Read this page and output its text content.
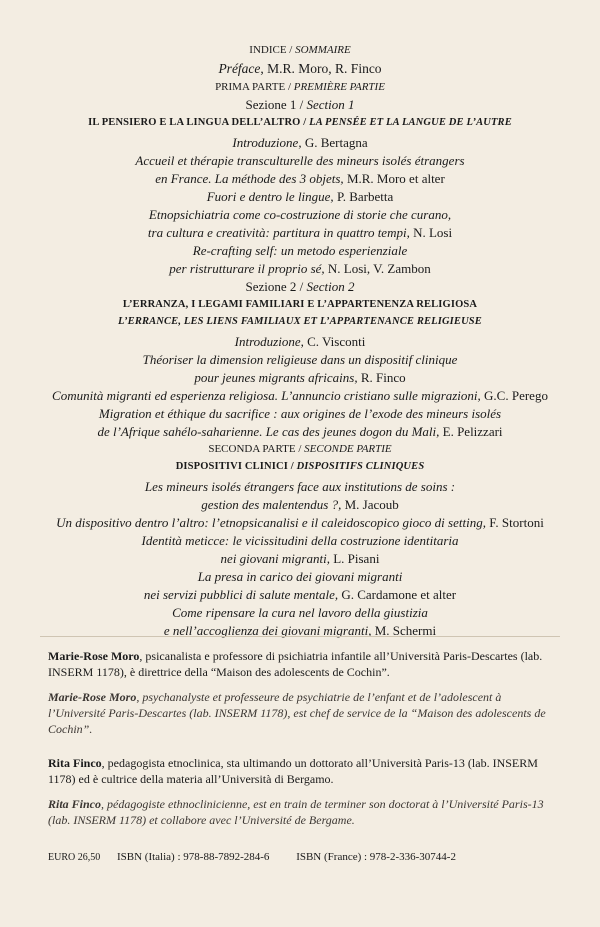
INDICE / SOMMAIRE
Préface, M.R. Moro, R. Finco
PRIMA PARTE / PREMIÈRE PARTIE
Sezione 1 / Section 1
IL PENSIERO E LA LINGUA DELL’ALTRO / LA PENSÉE ET LA LANGUE DE L’AUTRE
Introduzione, G. Bertagna
Accueil et thérapie transculturelle des mineurs isolés étrangers
en France. La méthode des 3 objets, M.R. Moro et alter
Fuori e dentro le lingue, P. Barbetta
Etnopsichiatria come co-costruzione di storie che curano,
tra cultura e creatività: partitura in quattro tempi, N. Losi
Re-crafting self: un metodo esperienziale
per ristrutturare il proprio sé, N. Losi, V. Zambon
Sezione 2 / Section 2
L’ERRANZA, I LEGAMI FAMILIARI E L’APPARTENENZA RELIGIOSA
L’ERRANCE, LES LIENS FAMILIAUX ET L’APPARTENANCE RELIGIEUSE
Introduzione, C. Visconti
Théoriser la dimension religieuse dans un dispositif clinique
pour jeunes migrants africains, R. Finco
Comunità migranti ed esperienza religiosa. L’annuncio cristiano sulle migrazioni, G.C. Perego
Migration et éthique du sacrifice : aux origines de l’exode des mineurs isolés
de l’Afrique sahélo-saharienne. Le cas des jeunes dogon du Mali, E. Pelizzari
SECONDA PARTE / SECONDE PARTIE
DISPOSITIVI CLINICI / DISPOSITIFS CLINIQUES
Les mineurs isolés étrangers face aux institutions de soins :
gestion des malentendus ?, M. Jacoub
Un dispositivo dentro l’altro: l’etnopsicanalisi e il caleidoscopico gioco di setting, F. Stortoni
Identità meticce: le vicissitudini della costruzione identitaria
nei giovani migranti, L. Pisani
La presa in carico dei giovani migranti
nei servizi pubblici di salute mentale, G. Cardamone et alter
Come ripensare la cura nel lavoro della giustizia
e nell’accoglienza dei giovani migranti, M. Schermi

Marie-Rose Moro, psicanalista e professore di psichiatria infantile all’Università Paris-Descartes (lab. INSERM 1178), è direttrice della “Maison des adolescents de Cochin”.

Marie-Rose Moro, psychanalyste et professeure de psychiatrie de l’enfant et de l’adolescent à l’Université Paris-Descartes (lab. INSERM 1178), est chef de service de la “Maison des adolescents de Cochin”.

Rita Finco, pedagogista etnoclinica, sta ultimando un dottorato all’Università Paris-13 (lab. INSERM 1178) ed è cultrice della materia all’Università di Bergamo.

Rita Finco, pédagogiste ethnoclinicienne, est en train de terminer son doctorat à l’Université Paris-13 (lab. INSERM 1178) et collabore avec l’Université de Bergame.

EURO 26,50 ISBN (Italia) : 978-88-7892-284-6 ISBN (France) : 978-2-336-30744-2
